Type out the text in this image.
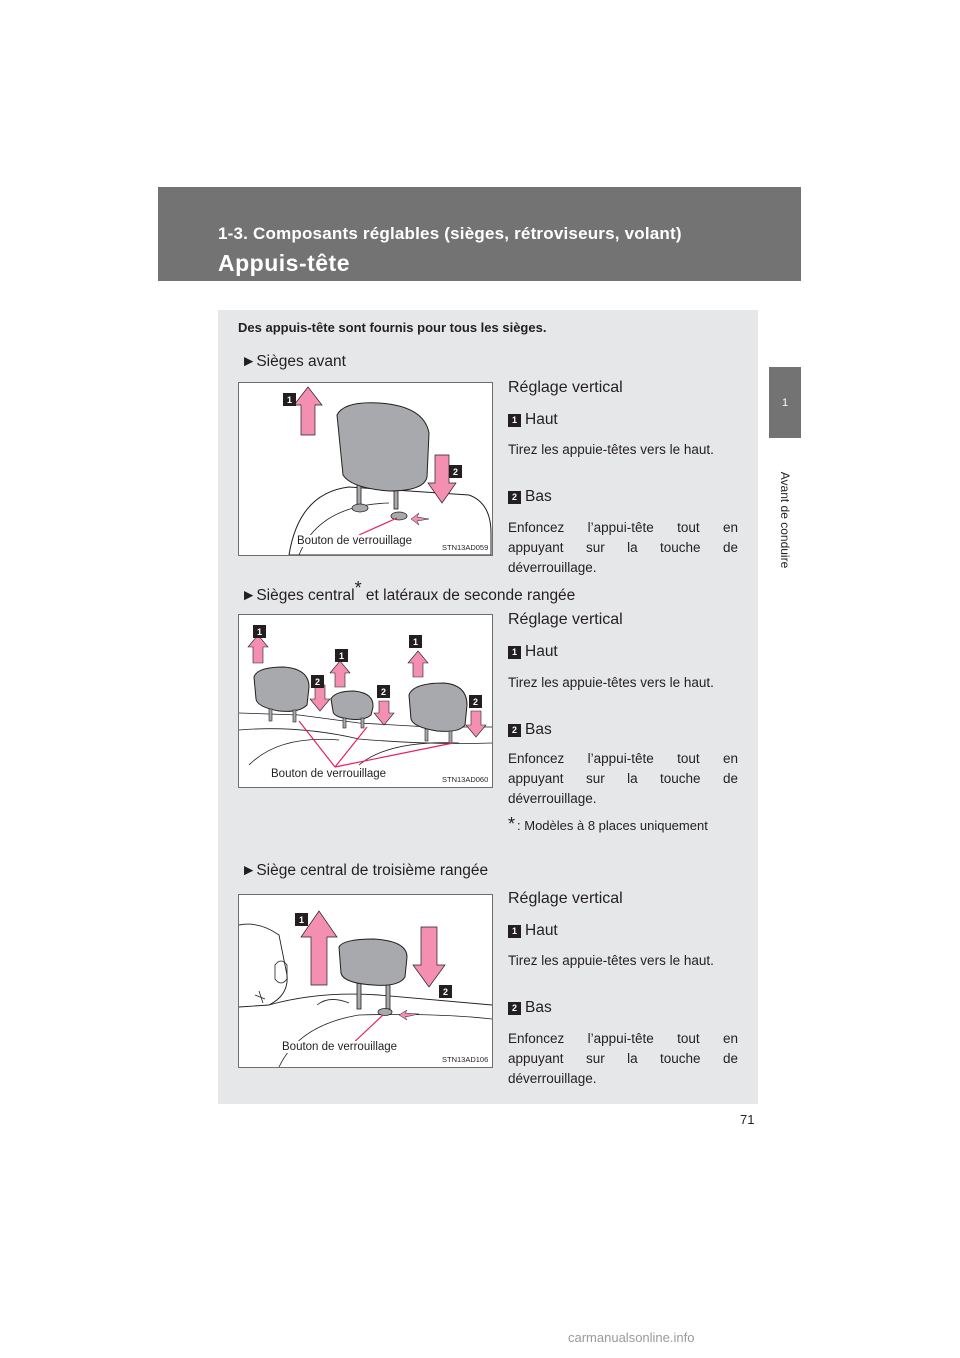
1-3. Composants réglables (sièges, rétroviseurs, volant)
Appuis-tête
1
Avant de conduire
Des appuis-tête sont fournis pour tous les sièges.
►Sièges avant
1
2
Bouton de verrouillage
STN13AD059
Réglage vertical
1 Haut
Tirez les appuie-têtes vers le haut.
2 Bas
Enfoncez l’appui-tête tout en appuyant sur la touche de déverrouillage.
►Sièges central* et latéraux de seconde rangée
1
1
1
2
2
2
Bouton de verrouillage	STN13AD060
Réglage vertical
1 Haut
Tirez les appuie-têtes vers le haut.
2 Bas
Enfoncez l’appui-tête tout en appuyant sur la touche de déverrouillage.
* : Modèles à 8 places uniquement
►Siège central de troisième rangée
1
2
Bouton de verrouillage
STN13AD106
Réglage vertical
1 Haut
Tirez les appuie-têtes vers le haut.
2 Bas
Enfoncez l’appui-tête tout en appuyant sur la touche de déverrouillage.
71
carmanualsonline.info
